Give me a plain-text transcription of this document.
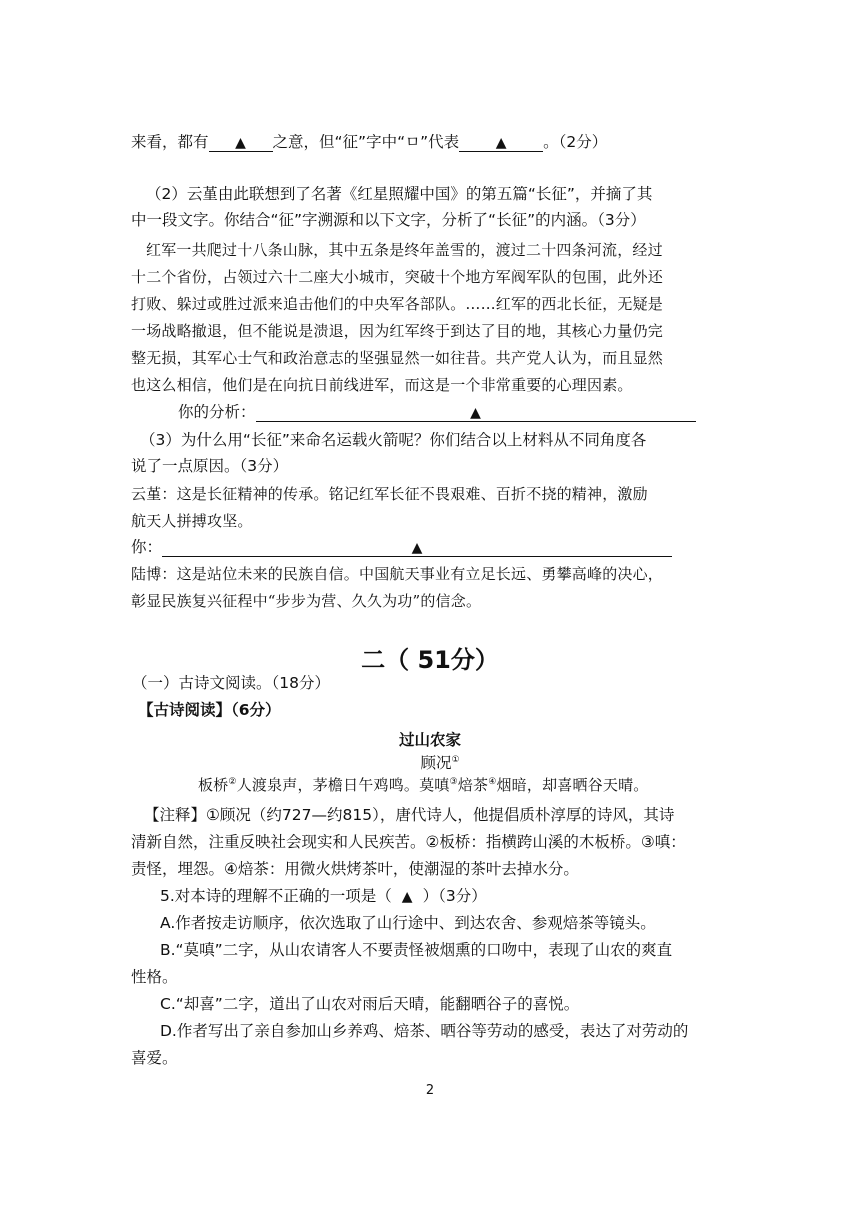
来看，都有 ▲ 之意，但“征”字中“ㅁ”代表	▲ 。（2分）
（2）云堇由此联想到了名著《红星照耀中国》的第五篇“长征”，并摘了其
中一段文字。你结合“征”字溯源和以下文字，分析了“长征”的内涵。（3分）
红军一共爬过十八条山脉，其中五条是终年盖雪的，渡过二十四条河流，经过
十二个省份，占领过六十二座大小城市，突破十个地方军阀军队的包围，此外还
打败、躲过或胜过派来追击他们的中央军各部队。……红军的西北长征，无疑是
一场战略撤退，但不能说是溃退，因为红军终于到达了目的地，其核心力量仍完
整无损，其军心士气和政治意志的坚强显然一如往昔。共产党人认为，而且显然
也这么相信，他们是在向抗日前线进军，而这是一个非常重要的心理因素。
你的分析：	▲
（3）为什么用“长征”来命名运载火箭呢？你们结合以上材料从不同角度各
说了一点原因。（3分）
云堇：这是长征精神的传承。铭记红军长征不畏艰难、百折不挠的精神，激励
航天人拼搏攻坚。
你：	▲
陆博：这是站位未来的民族自信。中国航天事业有立足长远、勇攀高峰的决心，
彰显民族复兴征程中“步步为营、久久为功”的信念。
二（ 51分）
（一）古诗文阅读。（18分）
【古诗阅读】（6分）
过山农家
顾况①
板桥②人渡泉声，茅檐日午鸡鸣。莫嗔③焙茶④烟暗，却喜晒谷天晴。
【注释】①顾况（约727—约815），唐代诗人，他提倡质朴淳厚的诗风，其诗
清新自然，注重反映社会现实和人民疾苦。②板桥：指横跨山溪的木板桥。③嗔：
责怪，埋怨。④焙茶：用微火烘烤茶叶，使潮湿的茶叶去掉水分。
5.对本诗的理解不正确的一项是（ ▲ ）（3分）
A.作者按走访顺序，依次选取了山行途中、到达农舍、参观焙茶等镜头。
B.“莫嗔”二字，从山农请客人不要责怪被烟熏的口吻中，表现了山农的爽直
性格。
C.“却喜”二字，道出了山农对雨后天晴，能翻晒谷子的喜悦。
D.作者写出了亲自参加山乡养鸡、焙茶、晒谷等劳动的感受，表达了对劳动的
喜爱。
2
